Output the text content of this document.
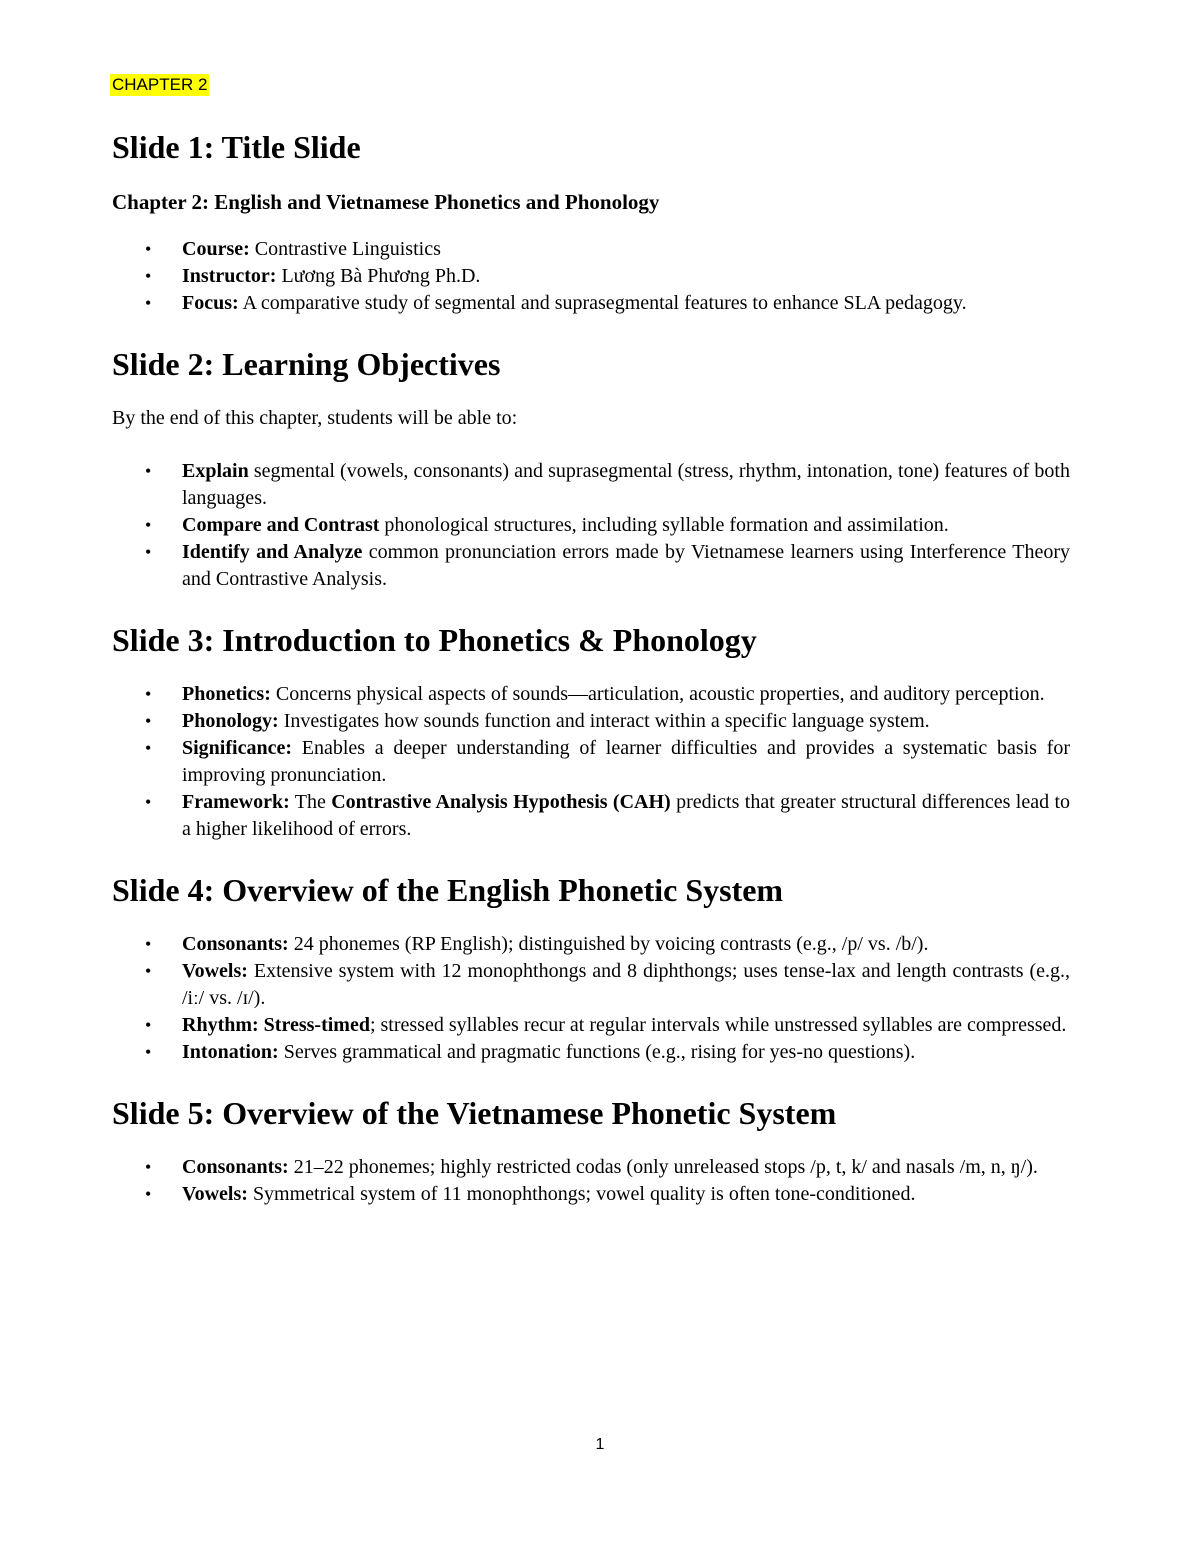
CHAPTER 2
Slide 1: Title Slide
Chapter 2: English and Vietnamese Phonetics and Phonology
• Course: Contrastive Linguistics
• Instructor: Lương Bà Phương Ph.D.
• Focus: A comparative study of segmental and suprasegmental features to enhance SLA pedagogy.
Slide 2: Learning Objectives

By the end of this chapter, students will be able to:

• Explain segmental (vowels, consonants) and suprasegmental (stress, rhythm, intonation, tone) features of both languages.
• Compare and Contrast phonological structures, including syllable formation and assimilation.
• Identify and Analyze common pronunciation errors made by Vietnamese learners using Interference Theory and Contrastive Analysis.
Slide 3: Introduction to Phonetics & Phonology
• Phonetics: Concerns physical aspects of sounds—articulation, acoustic properties, and auditory perception.
• Phonology: Investigates how sounds function and interact within a specific language system.
• Significance: Enables a deeper understanding of learner difficulties and provides a systematic basis for improving pronunciation.
• Framework: The Contrastive Analysis Hypothesis (CAH) predicts that greater structural differences lead to a higher likelihood of errors.
Slide 4: Overview of the English Phonetic System
• Consonants: 24 phonemes (RP English); distinguished by voicing contrasts (e.g., /p/ vs. /b/).
• Vowels: Extensive system with 12 monophthongs and 8 diphthongs; uses tense-lax and length contrasts (e.g., /iː/ vs. /ɪ/).
• Rhythm: Stress-timed; stressed syllables recur at regular intervals while unstressed syllables are compressed.
• Intonation: Serves grammatical and pragmatic functions (e.g., rising for yes-no questions).
Slide 5: Overview of the Vietnamese Phonetic System
• Consonants: 21–22 phonemes; highly restricted codas (only unreleased stops /p, t, k/ and nasals /m, n, ŋ/).
• Vowels: Symmetrical system of 11 monophthongs; vowel quality is often tone-conditioned.
1
